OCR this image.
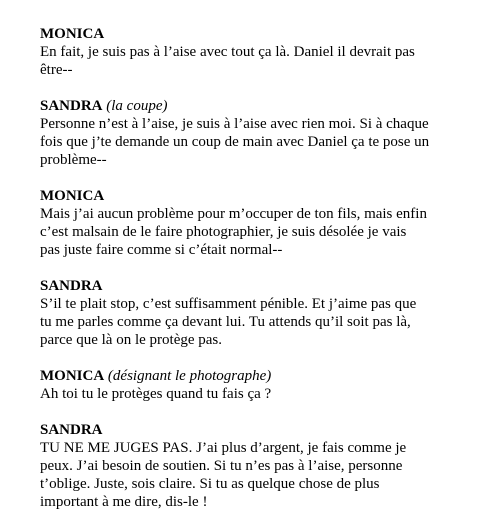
MONICA
En fait, je suis pas à l’aise avec tout ça là. Daniel il devrait pas
être--
SANDRA (la coupe)
Personne n’est à l’aise, je suis à l’aise avec rien moi. Si à chaque
fois que j’te demande un coup de main avec Daniel ça te pose un
problème--
MONICA
Mais j’ai aucun problème pour m’occuper de ton fils, mais enfin
c’est malsain de le faire photographier, je suis désolée je vais
pas juste faire comme si c’était normal--
SANDRA
S’il te plait stop, c’est suffisamment pénible. Et j’aime pas que
tu me parles comme ça devant lui. Tu attends qu’il soit pas là,
parce que là on le protège pas.
MONICA (désignant le photographe)
Ah toi tu le protèges quand tu fais ça ?
SANDRA
TU NE ME JUGES PAS. J’ai plus d’argent, je fais comme je
peux. J’ai besoin de soutien. Si tu n’es pas à l’aise, personne
t’oblige. Juste, sois claire. Si tu as quelque chose de plus
important à me dire, dis-le !
